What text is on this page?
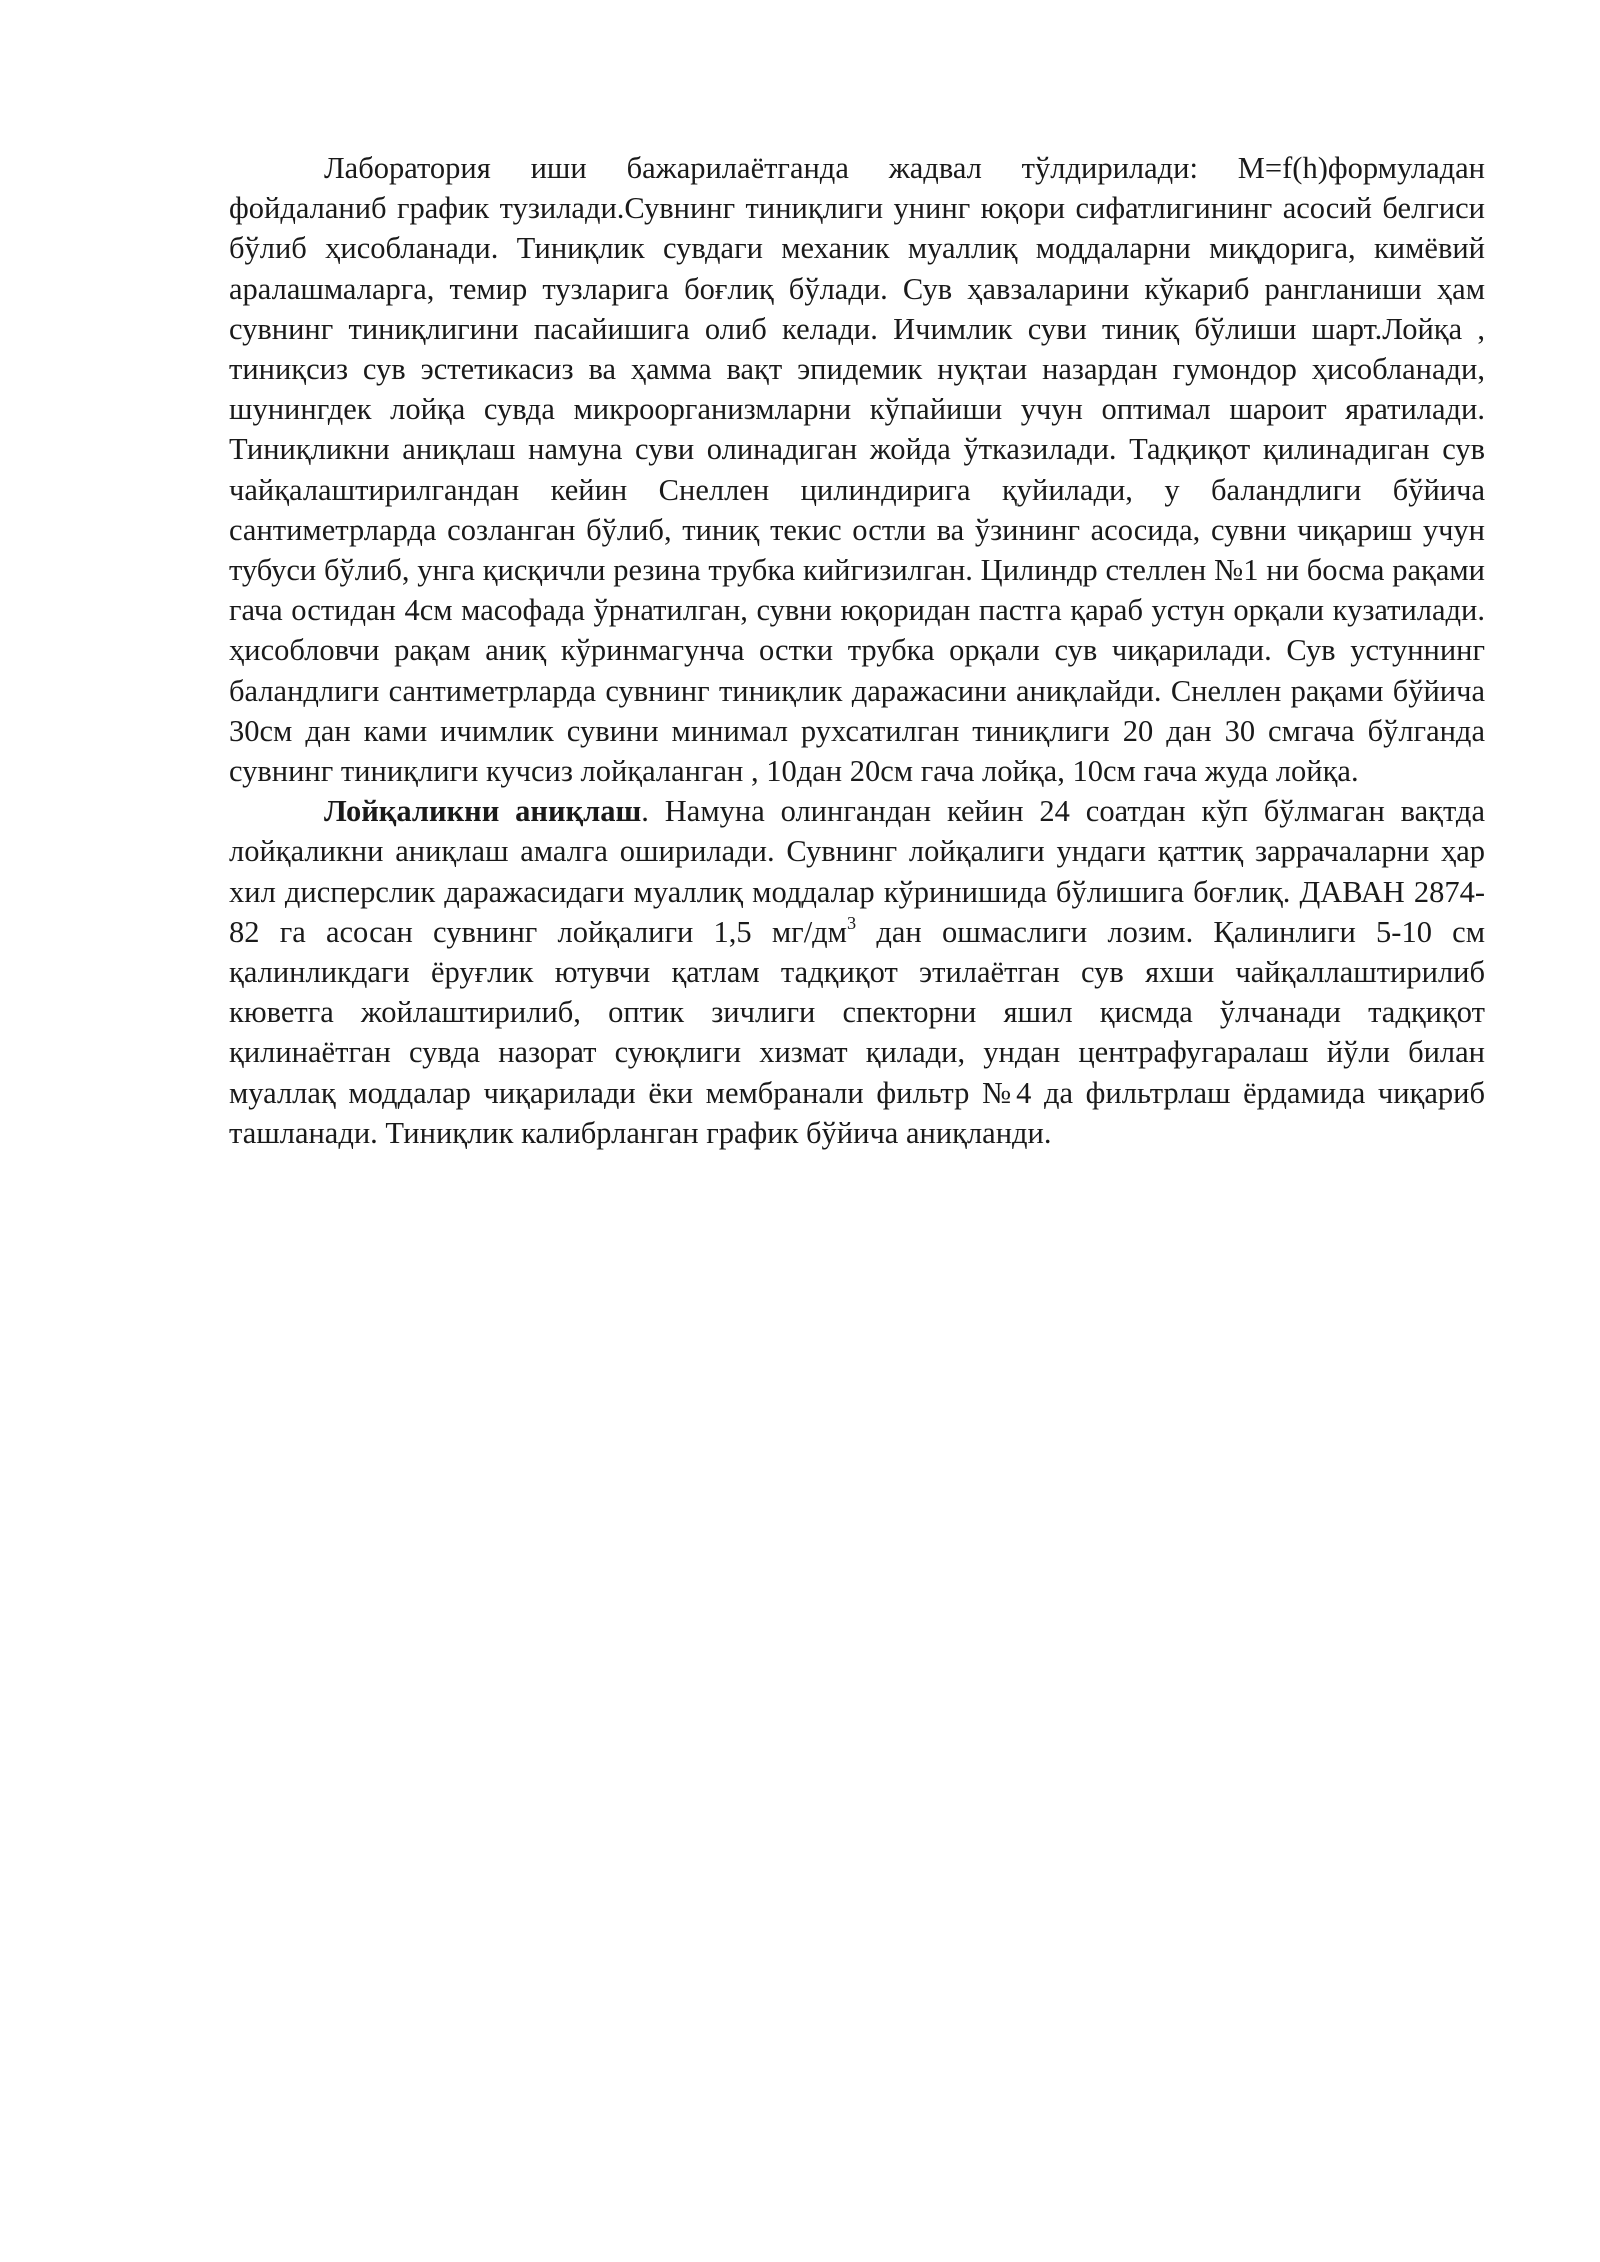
Лаборатория иши бажарилаётганда жадвал тўлдирилади: M=f(h)формуладан фойдаланиб график тузилади.Сувнинг тиниқлиги унинг юқори сифатлигининг асосий белгиси бўлиб ҳисобланади. Тиниқлик сувдаги механик муаллиқ моддаларни миқдорига, кимёвий аралашмаларга, темир тузларига боғлиқ бўлади. Сув ҳавзаларини кўкариб рангланиши ҳам сувнинг тиниқлигини пасайишига олиб келади. Ичимлик суви тиниқ бўлиши шарт.Лойқа , тиниқсиз сув эстетикасиз ва ҳамма вақт эпидемик нуқтаи назардан гумондор ҳисобланади, шунингдек лойқа сувда микроорганизмларни кўпайиши учун оптимал шароит яратилади. Тиниқликни аниқлаш намуна суви олинадиган жойда ўтказилади. Тадқиқот қилинадиган сув чайқалаштирилгандан кейин Снеллен цилиндирига қуйилади, у баландлиги бўйича сантиметрларда созланган бўлиб, тиниқ текис остли ва ўзининг асосида, сувни чиқариш учун тубуси бўлиб, унга қисқичли резина трубка кийгизилган. Цилиндр стеллен №1 ни босма рақами гача остидан 4см масофада ўрнатилган, сувни юқоридан пастга қараб устун орқали кузатилади. ҳисобловчи рақам аниқ кўринмагунча остки трубка орқали сув чиқарилади. Сув устуннинг баландлиги сантиметрларда сувнинг тиниқлик даражасини аниқлайди. Снеллен рақами бўйича 30см дан ками ичимлик сувини минимал рухсатилган тиниқлиги 20 дан 30 смгача бўлганда сувнинг тиниқлиги кучсиз лойқаланган , 10дан 20см гача лойқа, 10см гача жуда лойқа.

Лойқаликни аниқлаш. Намуна олингандан кейин 24 соатдан кўп бўлмаган вақтда лойқаликни аниқлаш амалга оширилади. Сувнинг лойқалиги ундаги қаттиқ заррачаларни ҳар хил дисперслик даражасидаги муаллиқ моддалар кўринишида бўлишига боғлиқ. ДАВАН 2874-82 га асосан сувнинг лойқалиги 1,5 $мг/дм^3$ дан ошмаслиги лозим. Қалинлиги 5-10 см қалинликдаги ёруғлик ютувчи қатлам тадқиқот этилаётган сув яхши чайқаллаштирилиб кюветга жойлаштирилиб, оптик зичлиги спекторни яшил қисмда ўлчанади тадқиқот қилинаётган сувда назорат суюқлиги хизмат қилади, ундан центрафугаралаш йўли билан муаллақ моддалар чиқарилади ёки мембранали фильтр №4 да фильтрлаш ёрдамида чиқариб ташланади. Тиниқлик калибрланган график бўйича аниқланди.
